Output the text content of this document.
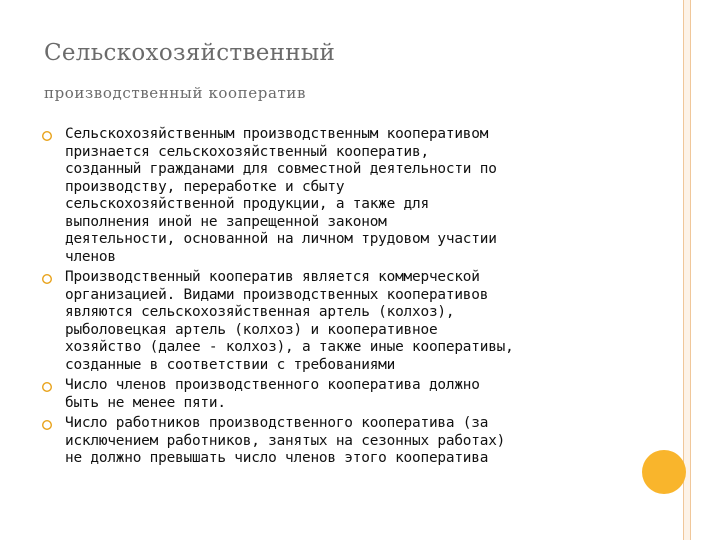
Сельскохозяйственный
производственный кооператив
Сельскохозяйственным производственным кооперативом
признается сельскохозяйственный кооператив,
созданный гражданами для совместной деятельности по
производству, переработке и сбыту
сельскохозяйственной продукции, а также для
выполнения иной не запрещенной законом
деятельности, основанной на личном трудовом участии
членов
Производственный кооператив является коммерческой
организацией. Видами производственных кооперативов
являются сельскохозяйственная артель (колхоз),
рыболовецкая артель (колхоз) и кооперативное
хозяйство (далее - колхоз), а также иные кооперативы,
созданные в соответствии с требованиями
Число членов производственного кооператива должно
быть не менее пяти.
Число работников производственного кооператива (за
исключением работников, занятых на сезонных работах)
не должно превышать число членов этого кооператива
